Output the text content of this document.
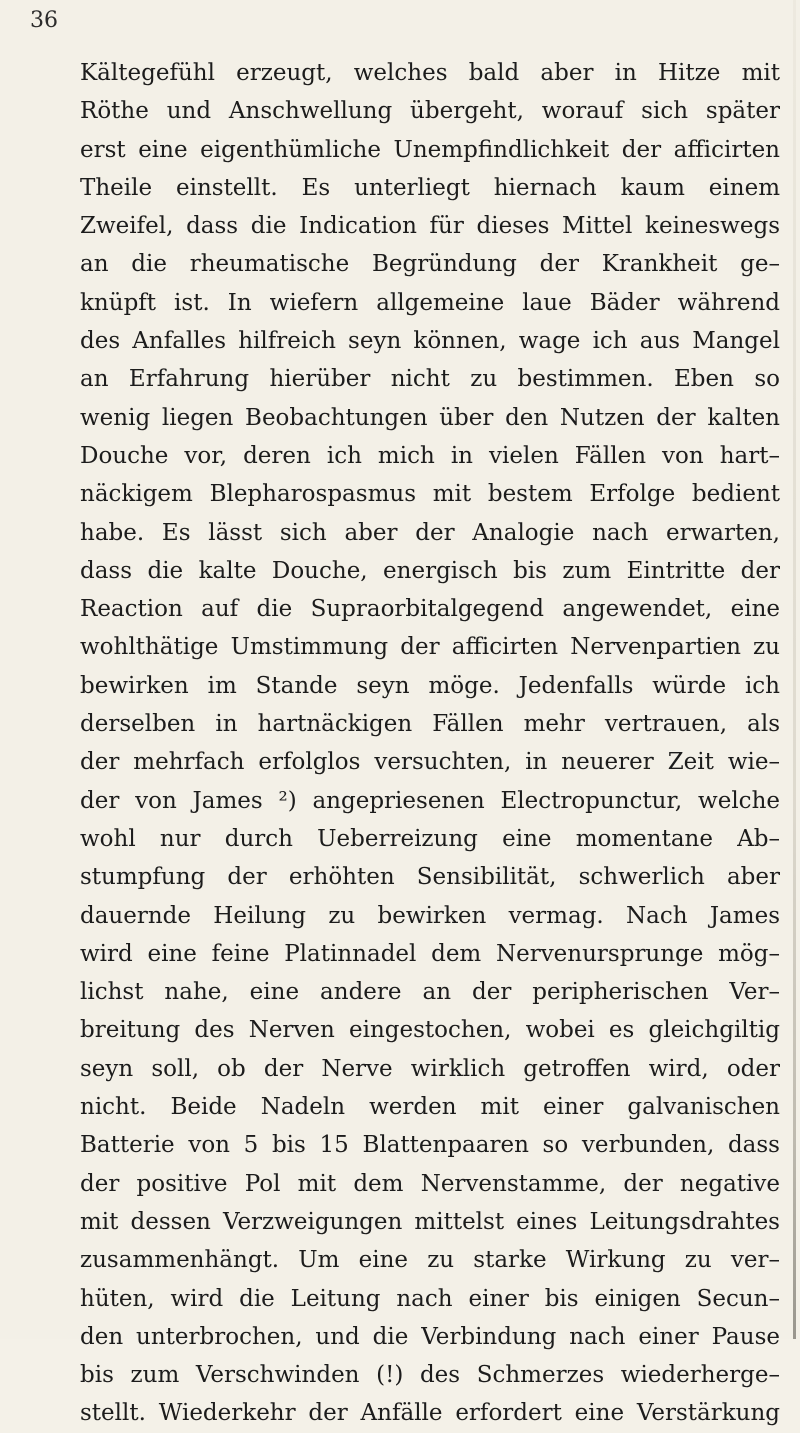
36
Kältegefühl erzeugt, welches bald aber in Hitze mit
Röthe und Anschwellung übergeht, worauf sich später
erst eine eigenthümliche Unempfindlichkeit der afficirten
Theile einstellt. Es unterliegt hiernach kaum einem
Zweifel, dass die Indication für dieses Mittel keineswegs
an die rheumatische Begründung der Krankheit ge–
knüpft ist. In wiefern allgemeine laue Bäder während
des Anfalles hilfreich seyn können, wage ich aus Mangel
an Erfahrung hierüber nicht zu bestimmen. Eben so
wenig liegen Beobachtungen über den Nutzen der kalten
Douche vor, deren ich mich in vielen Fällen von hart–
näckigem Blepharospasmus mit bestem Erfolge bedient
habe. Es lässt sich aber der Analogie nach erwarten,
dass die kalte Douche, energisch bis zum Eintritte der
Reaction auf die Supraorbitalgegend angewendet, eine
wohlthätige Umstimmung der afficirten Nervenpartien zu
bewirken im Stande seyn möge. Jedenfalls würde ich
derselben in hartnäckigen Fällen mehr vertrauen, als
der mehrfach erfolglos versuchten, in neuerer Zeit wie–
der von James ²) angepriesenen Electropunctur, welche
wohl nur durch Ueberreizung eine momentane Ab–
stumpfung der erhöhten Sensibilität, schwerlich aber
dauernde Heilung zu bewirken vermag. Nach James
wird eine feine Platinnadel dem Nervenursprunge mög–
lichst nahe, eine andere an der peripherischen Ver–
breitung des Nerven eingestochen, wobei es gleichgiltig
seyn soll, ob der Nerve wirklich getroffen wird, oder
nicht. Beide Nadeln werden mit einer galvanischen
Batterie von 5 bis 15 Blattenpaaren so verbunden, dass
der positive Pol mit dem Nervenstamme, der negative
mit dessen Verzweigungen mittelst eines Leitungsdrahtes
zusammenhängt. Um eine zu starke Wirkung zu ver–
hüten, wird die Leitung nach einer bis einigen Secun–
den unterbrochen, und die Verbindung nach einer Pause
bis zum Verschwinden (!) des Schmerzes wiederherge–
stellt. Wiederkehr der Anfälle erfordert eine Verstärkung
